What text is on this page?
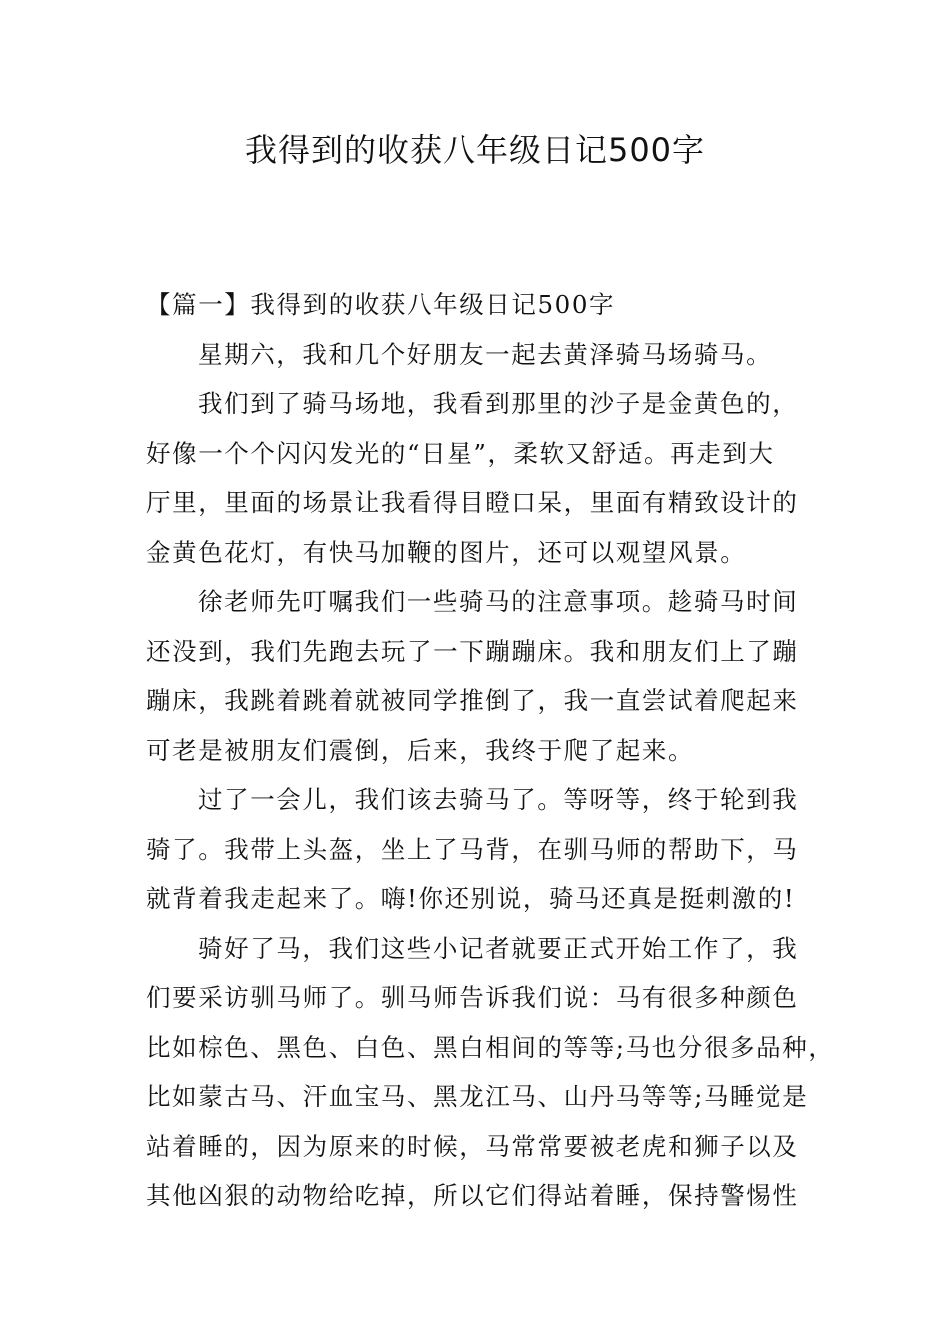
我得到的收获八年级日记500字
【篇一】我得到的收获八年级日记500字
星期六，我和几个好朋友一起去黄泽骑马场骑马。
我们到了骑马场地，我看到那里的沙子是金黄色的，
好像一个个闪闪发光的“日星”，柔软又舒适。再走到大
厅里，里面的场景让我看得目瞪口呆，里面有精致设计的
金黄色花灯，有快马加鞭的图片，还可以观望风景。
徐老师先叮嘱我们一些骑马的注意事项。趁骑马时间
还没到，我们先跑去玩了一下蹦蹦床。我和朋友们上了蹦
蹦床，我跳着跳着就被同学推倒了，我一直尝试着爬起来
可老是被朋友们震倒，后来，我终于爬了起来。
过了一会儿，我们该去骑马了。等呀等，终于轮到我
骑了。我带上头盔，坐上了马背，在驯马师的帮助下，马
就背着我走起来了。嗨!你还别说，骑马还真是挺刺激的!
骑好了马，我们这些小记者就要正式开始工作了，我
们要采访驯马师了。驯马师告诉我们说：马有很多种颜色
比如棕色、黑色、白色、黑白相间的等等;马也分很多品种，
比如蒙古马、汗血宝马、黑龙江马、山丹马等等;马睡觉是
站着睡的，因为原来的时候，马常常要被老虎和狮子以及
其他凶狠的动物给吃掉，所以它们得站着睡，保持警惕性
